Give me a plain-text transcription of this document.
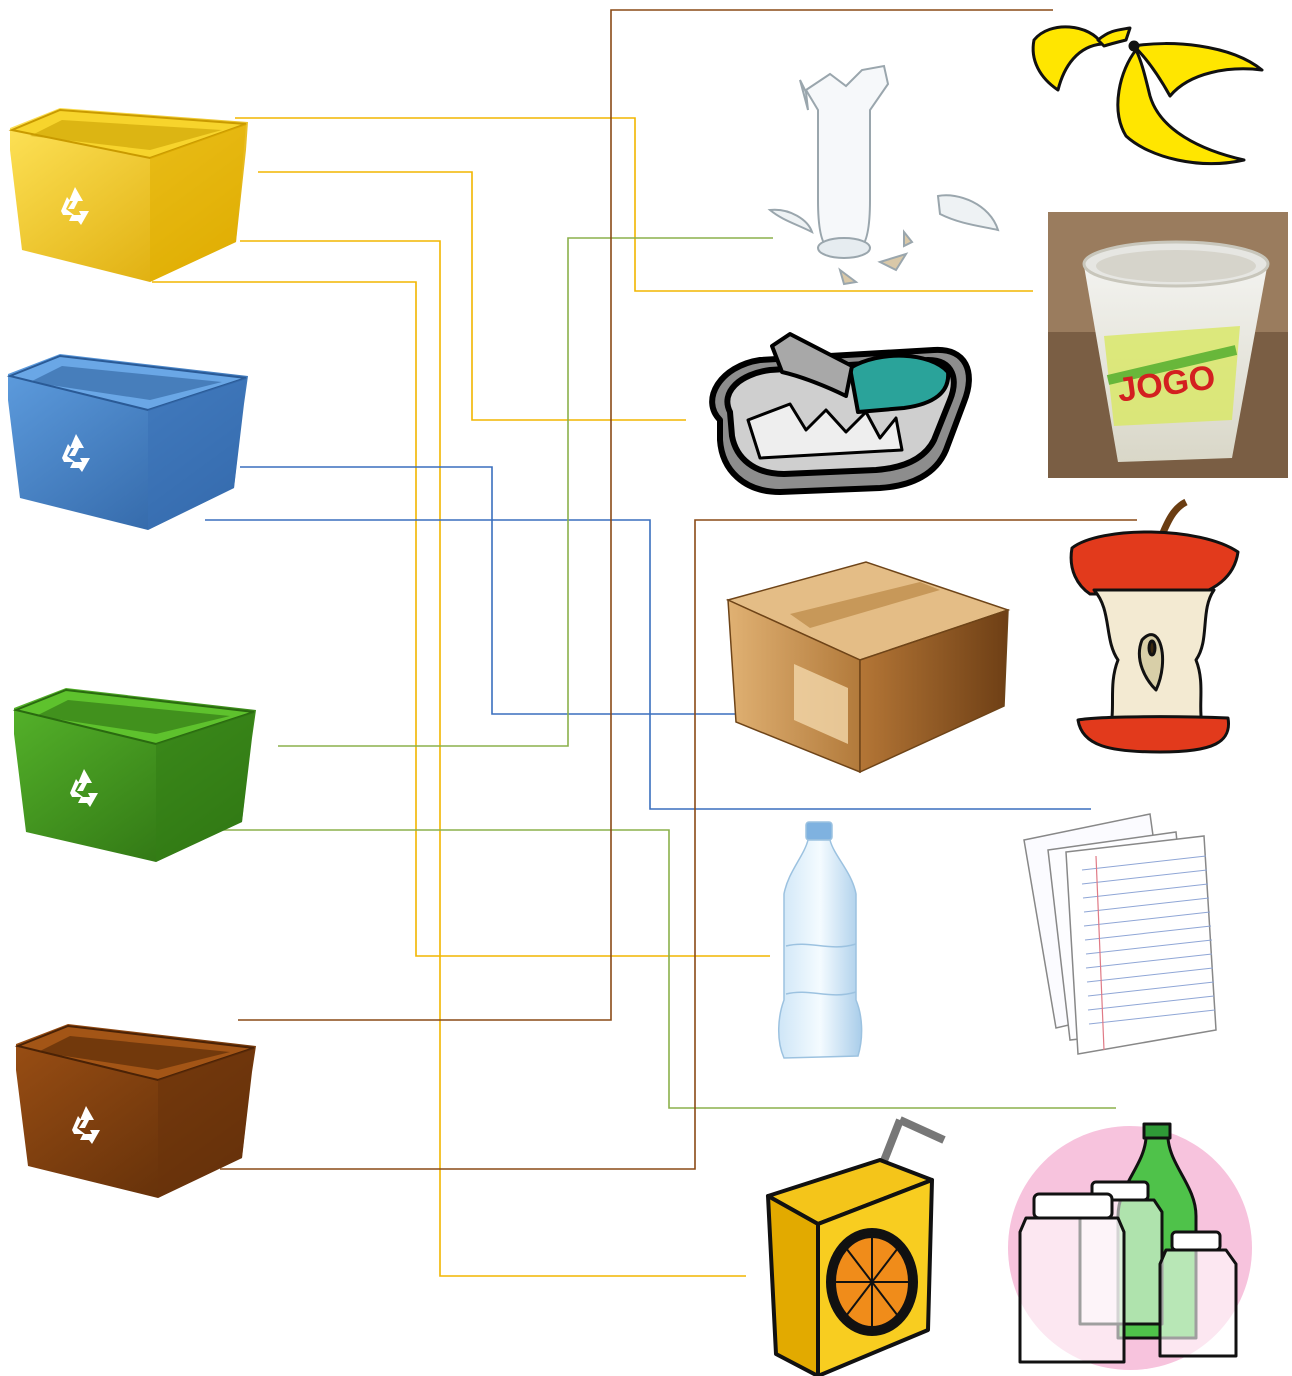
JOGO
